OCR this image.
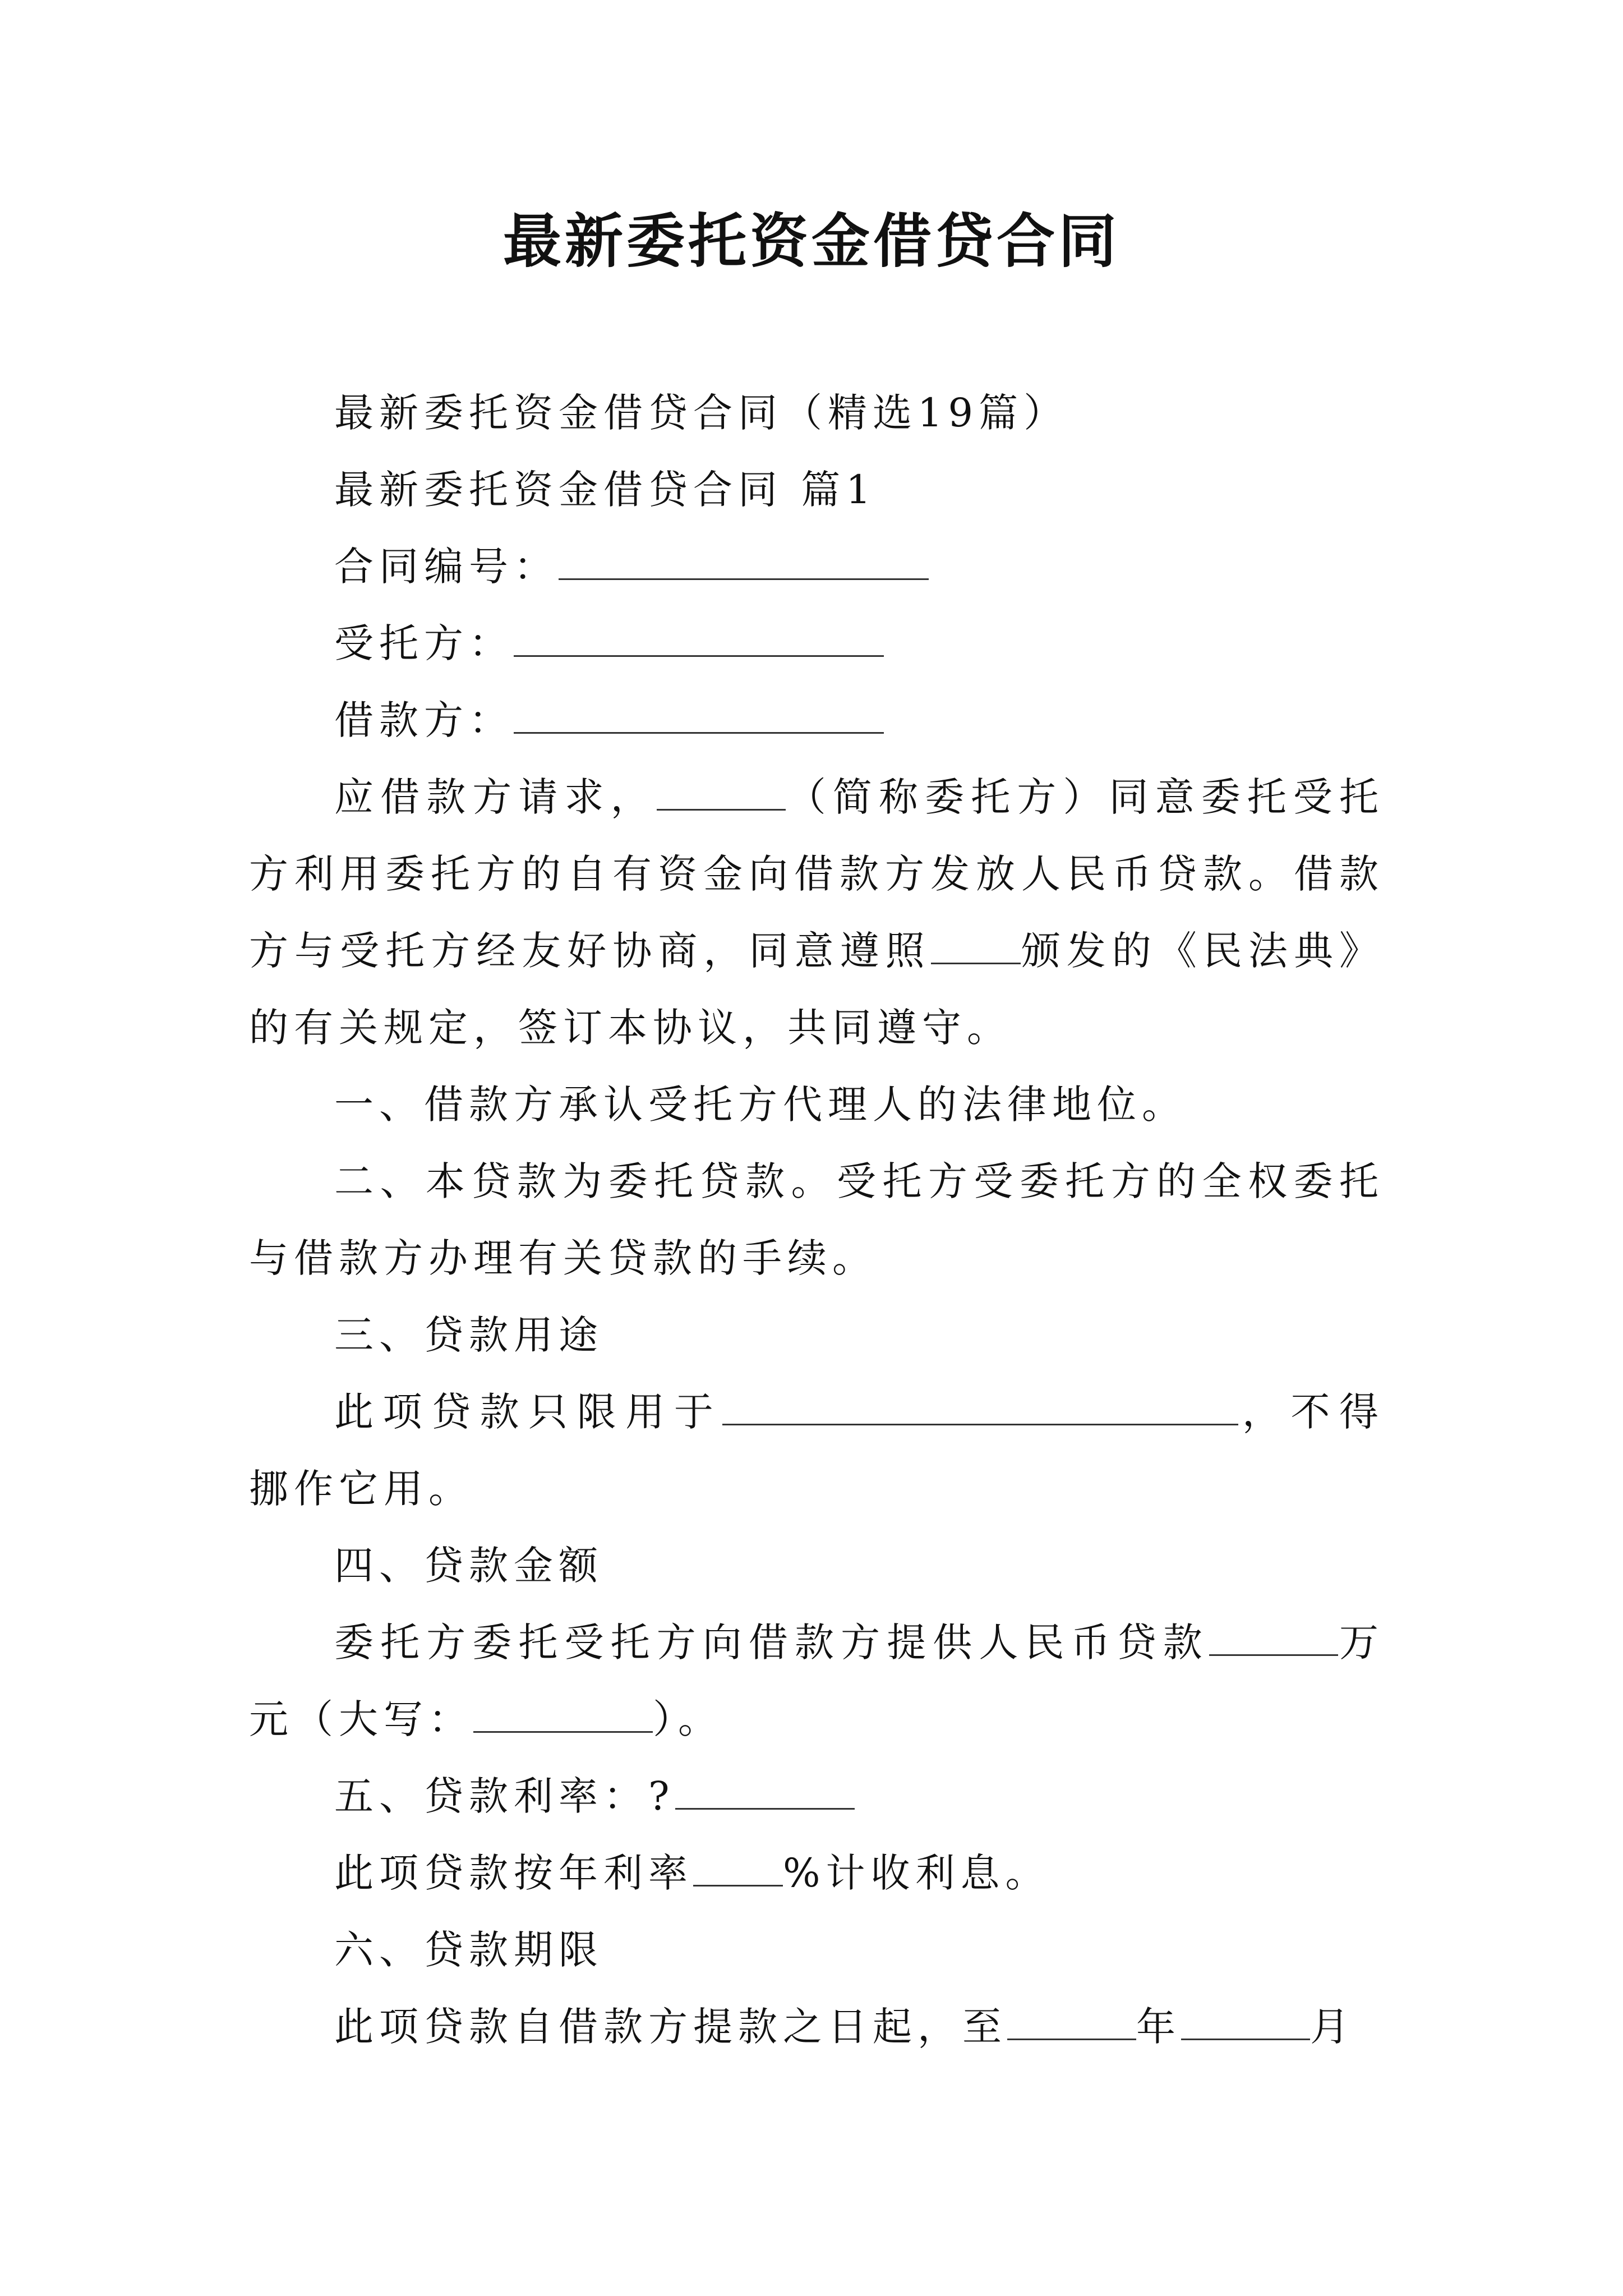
最新委托资金借贷合同

最新委托资金借贷合同（精选19篇）

最新委托资金借贷合同 篇1

合同编号：

受托方：

借款方：

应借款方请求，	（简称委托方）同意委托受托方利用委托方的自有资金向借款方发放人民币贷款。借款方与受托方经友好协商，同意遵照 颁发的《民法典》的有关规定，签订本协议，共同遵守。

一、借款方承认受托方代理人的法律地位。

二、本贷款为委托贷款。受托方受委托方的全权委托与借款方办理有关贷款的手续。

三、贷款用途

此项贷款只限用于	，不得挪作它用。

四、贷款金额

委托方委托受托方向借款方提供人民币贷款	万元（大写：	）。

五、贷款利率：?

此项贷款按年利率 %计收利息。

六、贷款期限

此项贷款自借款方提款之日起，至	年	月
